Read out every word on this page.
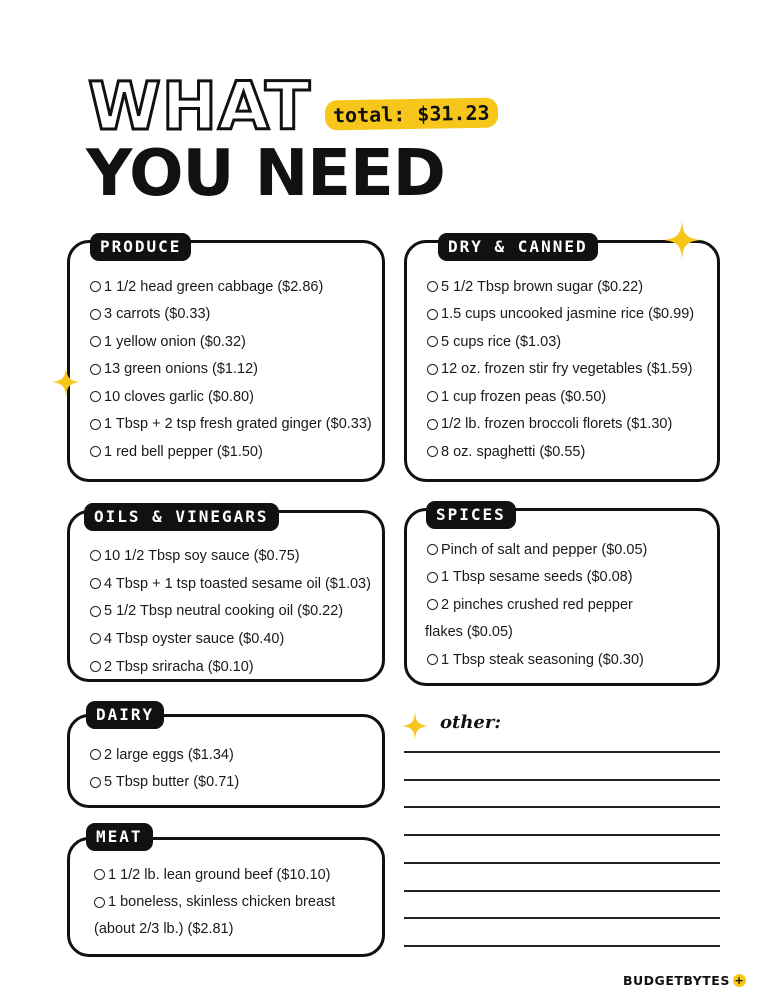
WHAT
YOU NEED
total: $31.23
PRODUCE
1 1/2 head green cabbage ($2.86)
3 carrots ($0.33)
1 yellow onion ($0.32)
13 green onions ($1.12)
10 cloves garlic ($0.80)
1 Tbsp + 2 tsp fresh grated ginger ($0.33)
1 red bell pepper ($1.50)
DRY & CANNED
5 1/2 Tbsp brown sugar ($0.22)
1.5 cups uncooked jasmine rice ($0.99)
5 cups rice ($1.03)
12 oz. frozen stir fry vegetables ($1.59)
1 cup frozen peas ($0.50)
1/2 lb. frozen broccoli florets ($1.30)
8 oz. spaghetti ($0.55)
OILS & VINEGARS
10 1/2 Tbsp soy sauce ($0.75)
4 Tbsp + 1 tsp toasted sesame oil ($1.03)
5 1/2 Tbsp neutral cooking oil ($0.22)
4 Tbsp oyster sauce ($0.40)
2 Tbsp sriracha ($0.10)
SPICES
Pinch of salt and pepper ($0.05)
1 Tbsp sesame seeds ($0.08)
2 pinches crushed red pepper
flakes ($0.05)
1 Tbsp steak seasoning ($0.30)
DAIRY
2 large eggs ($1.34)
5 Tbsp butter ($0.71)
MEAT
1 1/2 lb. lean ground beef ($10.10)
1 boneless, skinless chicken breast
(about 2/3 lb.) ($2.81)
other:
BUDGETBYTES +
